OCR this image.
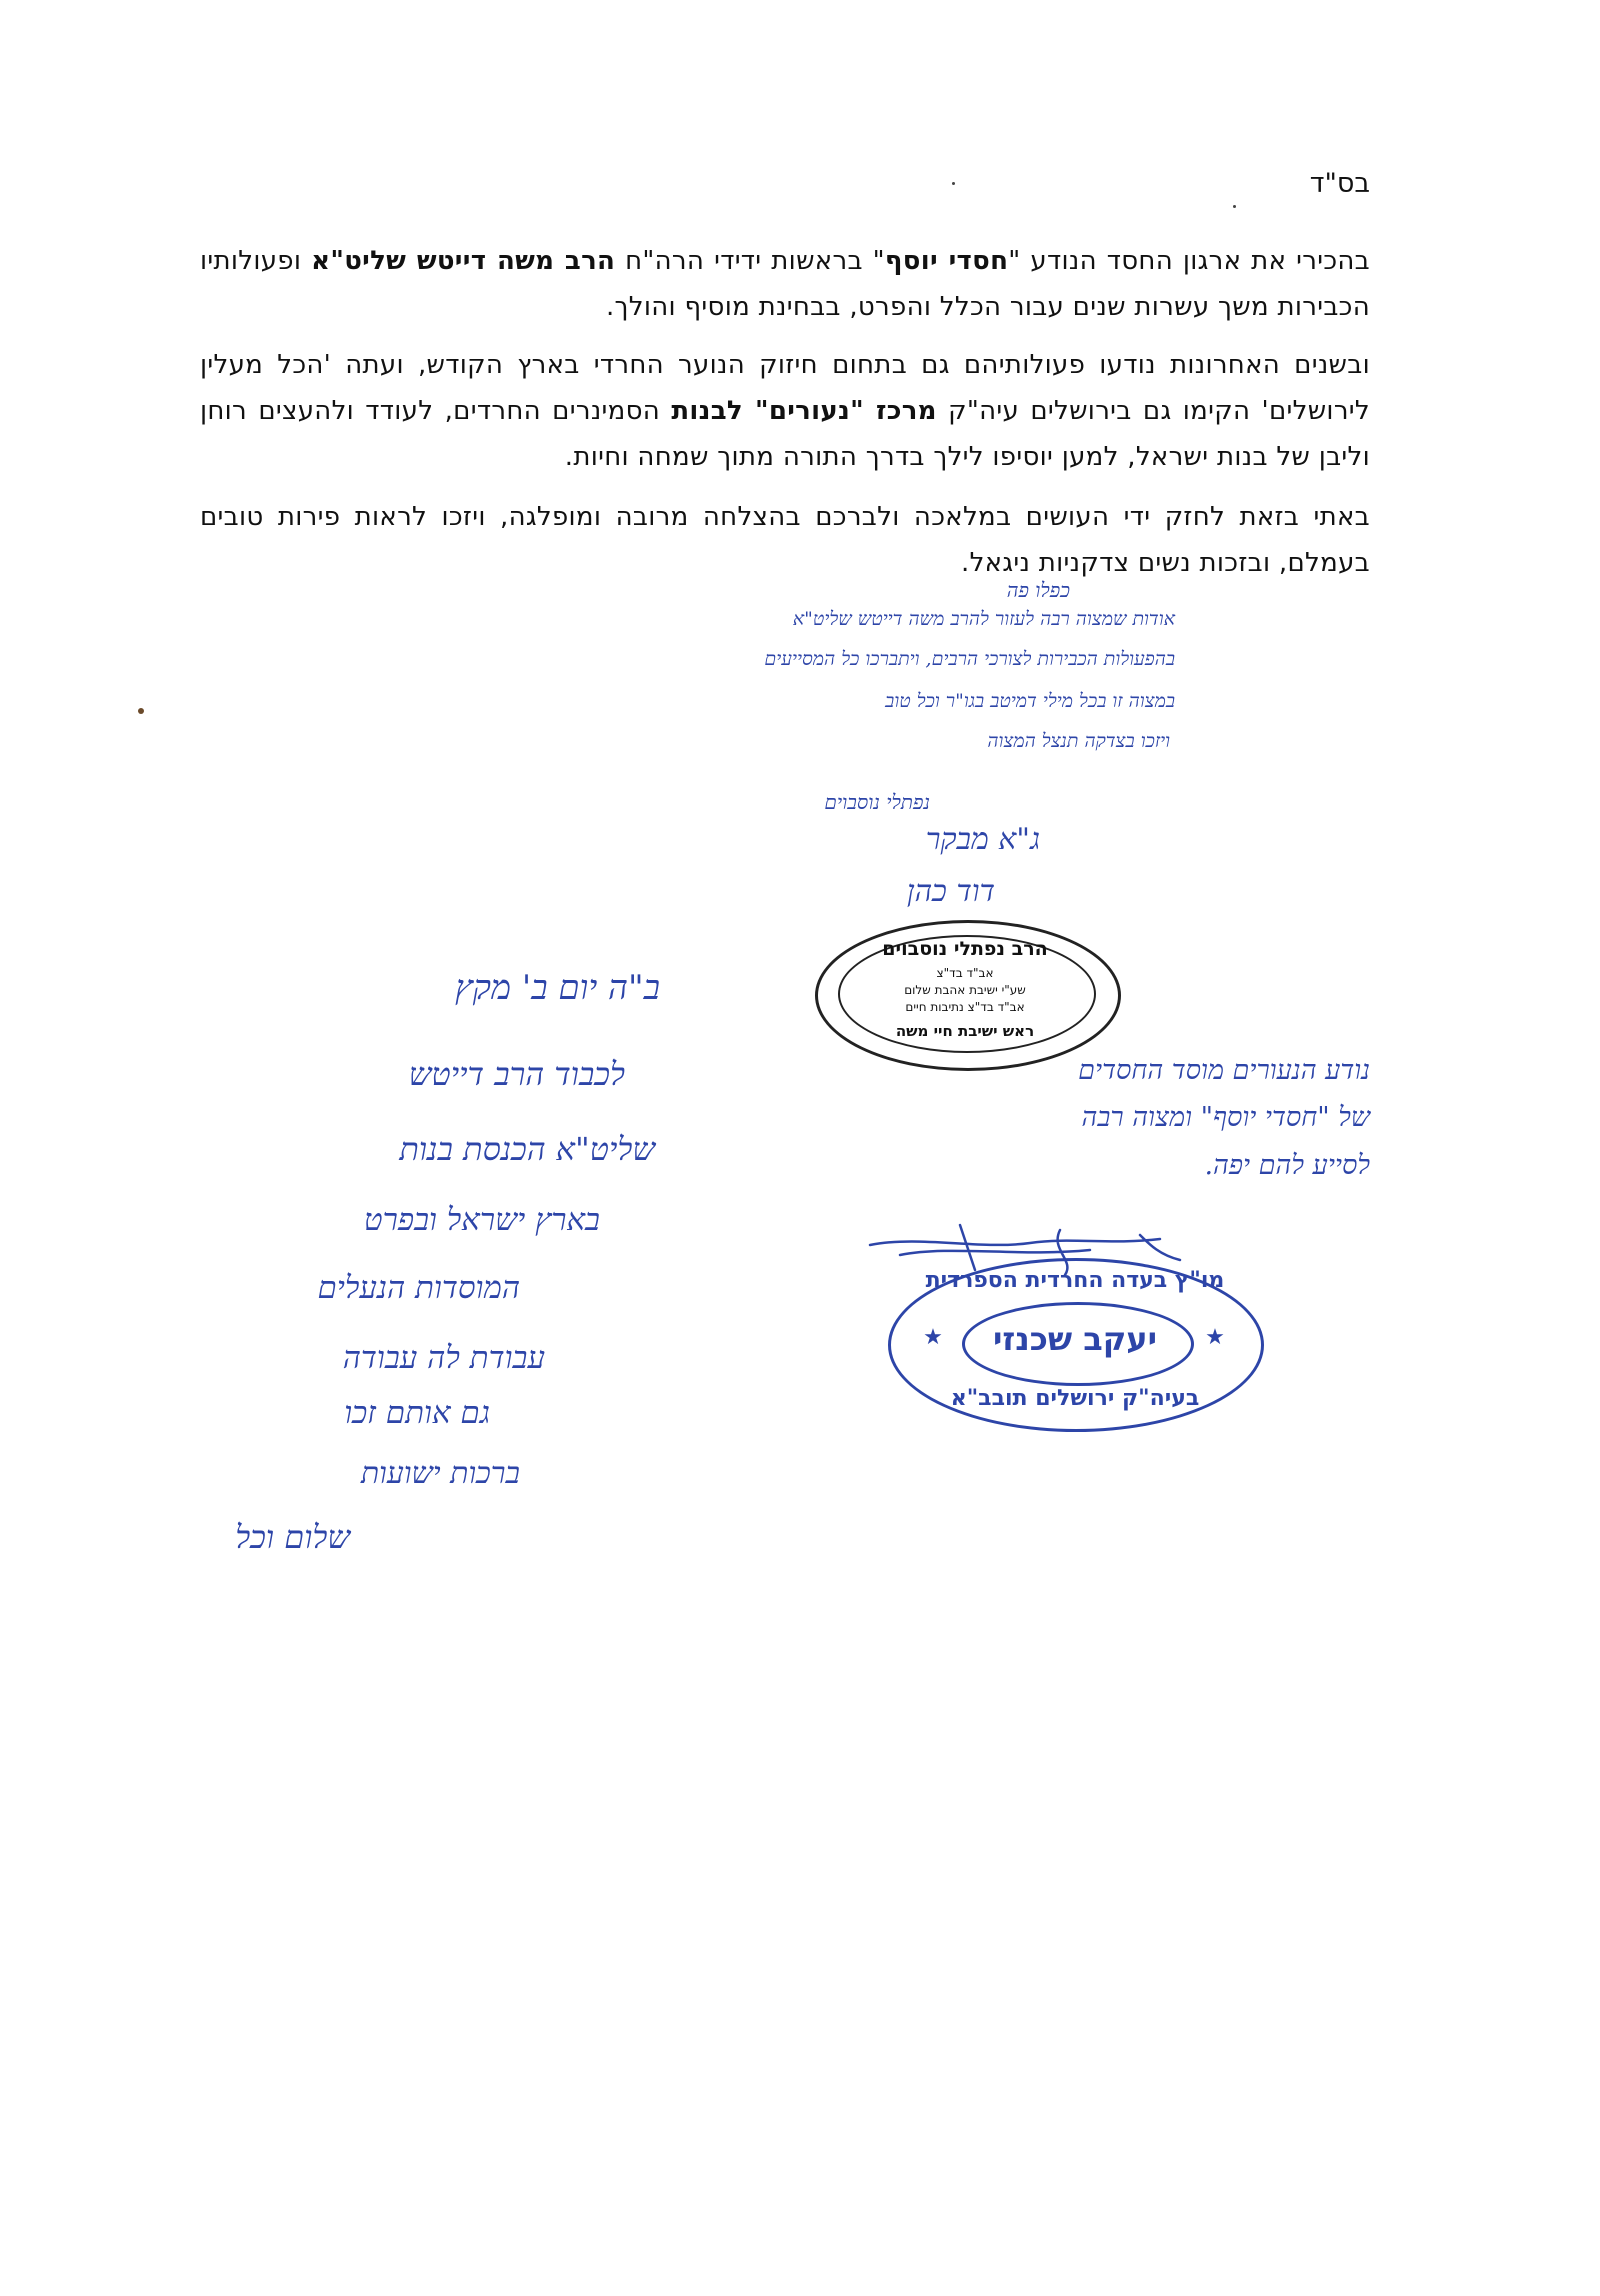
בס"ד
בהכירי את ארגון החסד הנודע "חסדי יוסף" בראשות ידידי הרה"ח הרב משה דייטש שליט"א ופעולותיו הכבירות משך עשרות שנים עבור הכלל והפרט, בבחינת מוסיף והולך.
ובשנים האחרונות נודעו פעולותיהם גם בתחום חיזוק הנוער החרדי בארץ הקודש, ועתה 'הכל מעלין לירושלים' הקימו גם בירושלים עיה"ק מרכז "נעורים" לבנות הסמינרים החרדים, לעודד ולהעצים רוחן וליבן של בנות ישראל, למען יוסיפו לילך בדרך התורה מתוך שמחה וחיות.
באתי בזאת לחזק ידי העושים במלאכה ולברכם בהצלחה מרובה ומופלגה, ויזכו לראות פירות טובים בעמלם, ובזכות נשים צדקניות ניגאל.
כפלו פה
אודות שמצוה רבה לעזור להרב משה דייטש שליט"א
בהפעולות הכבירות לצורכי הרבים, ויתברכו כל המסייעים
במצוה זו בכל מילי דמיטב בגו"ר וכל טוב
ויזכו בצדקה תנצל המצוה
נפתלי נוסבוים
ג"א מבקר
דוד כהן
הרב נפתלי נוסבוים
אב"ד בד"צ
שע"י ישיבת אהבת שלום
אב"ד בד"צ נתיבות חיים
ראש ישיבת חיי משה
ב"ה יום ב' מקץ
לכבוד הרב דייטש
שליט"א הכנסת בנות
בארץ ישראל ובפרט
המוסדות הנעלים
עבודת לה עבודה
גם אותם זכו
ברכות ישועות
שלום וכל
נודע הנעורים מוסד החסדים
של "חסדי יוסף" ומצוה רבה
לסייע להם יפה.
מו"ץ בעדה החרדית הספרדית
יעקב שכנזי
בעיה"ק ירושלים תובב"א
★	★
